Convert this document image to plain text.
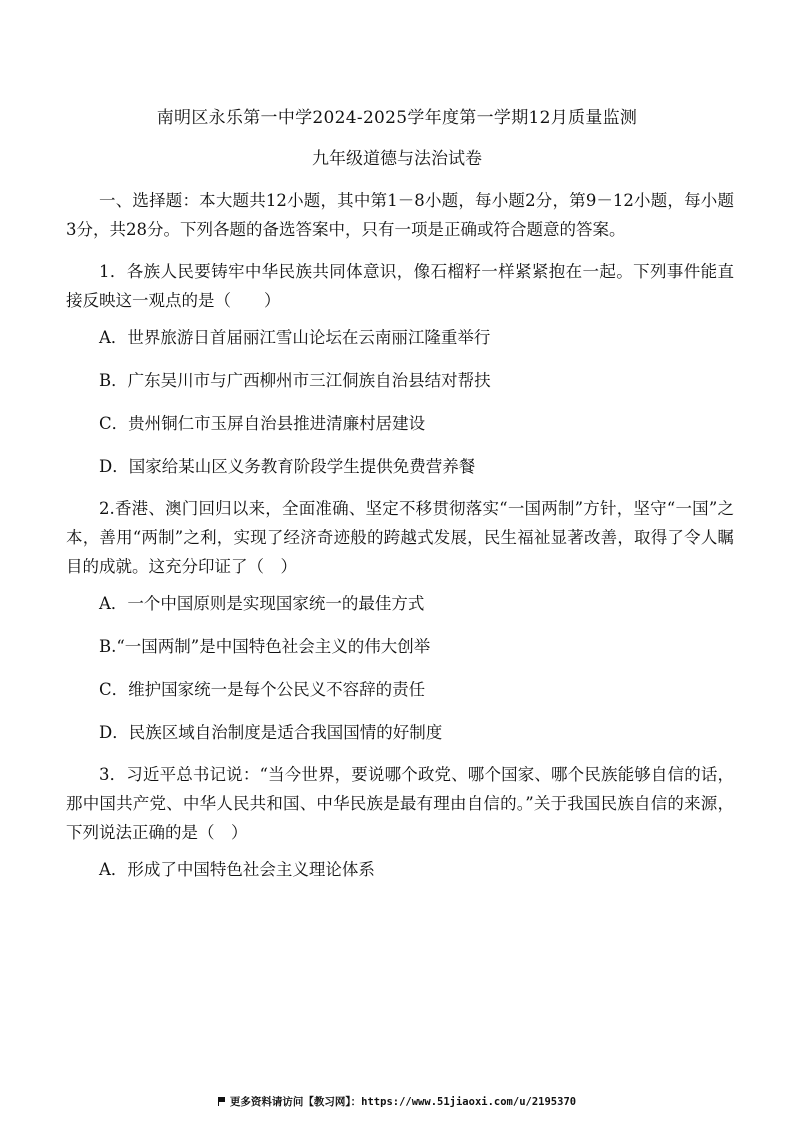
南明区永乐第一中学2024-2025学年度第一学期12月质量监测
九年级道德与法治试卷

一、选择题：本大题共12小题，其中第1－8小题，每小题2分，第9－12小题，每小题3分，共28分。下列各题的备选答案中，只有一项是正确或符合题意的答案。

1．各族人民要铸牢中华民族共同体意识，像石榴籽一样紧紧抱在一起。下列事件能直接反映这一观点的是（　　）

A．世界旅游日首届丽江雪山论坛在云南丽江隆重举行

B．广东吴川市与广西柳州市三江侗族自治县结对帮扶

C．贵州铜仁市玉屏自治县推进清廉村居建设

D．国家给某山区义务教育阶段学生提供免费营养餐

2.香港、澳门回归以来，全面准确、坚定不移贯彻落实“一国两制”方针，坚守“一国”之本，善用“两制”之利，实现了经济奇迹般的跨越式发展，民生福祉显著改善，取得了令人瞩目的成就。这充分印证了（　）

A．一个中国原则是实现国家统一的最佳方式

B.“一国两制”是中国特色社会主义的伟大创举

C．维护国家统一是每个公民义不容辞的责任

D．民族区域自治制度是适合我国国情的好制度

3．习近平总书记说：“当今世界，要说哪个政党、哪个国家、哪个民族能够自信的话，那中国共产党、中华人民共和国、中华民族是最有理由自信的。”关于我国民族自信的来源，下列说法正确的是（　）

A．形成了中国特色社会主义理论体系

更多资料请访问【教习网】：https://www.51jiaoxi.com/u/2195370
